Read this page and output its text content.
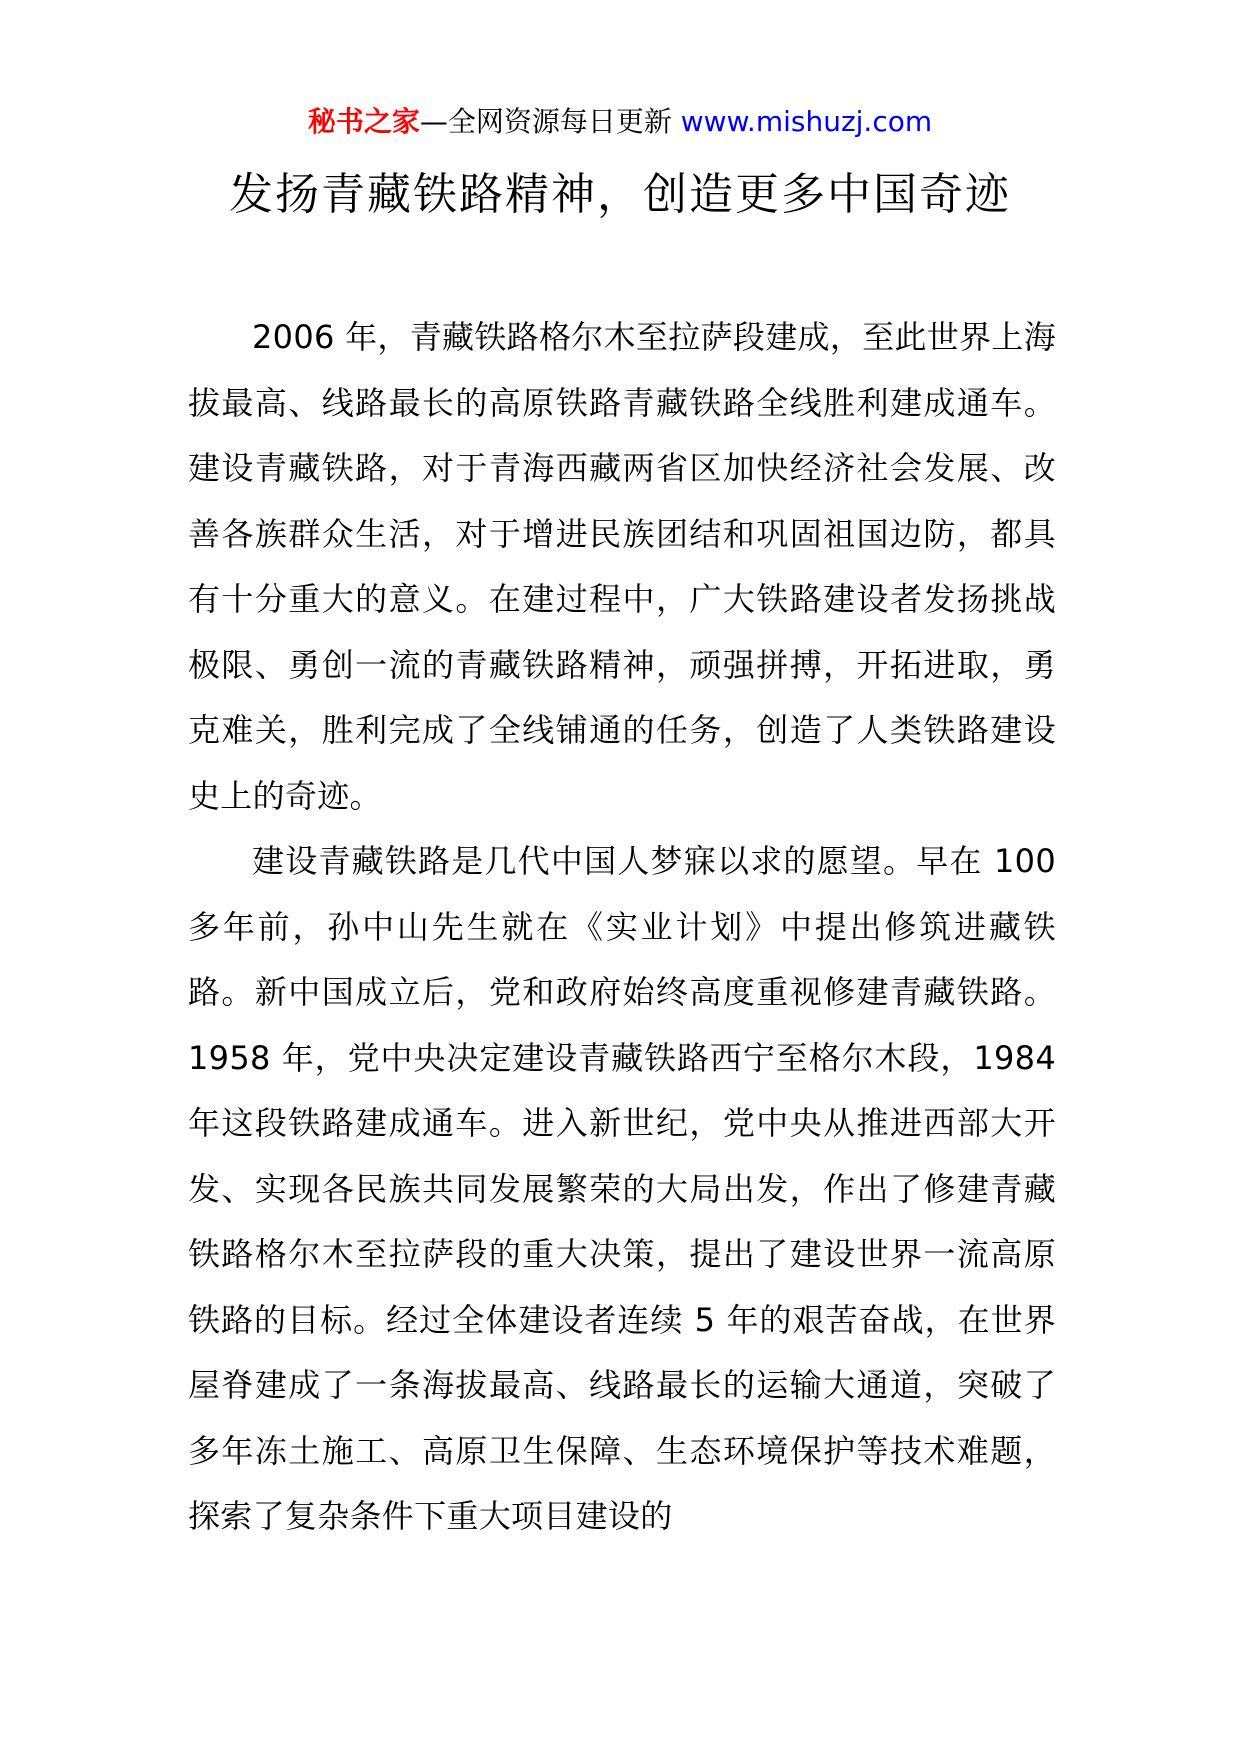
秘书之家—全网资源每日更新 www.mishuzj.com
发扬青藏铁路精神，创造更多中国奇迹

2006 年，青藏铁路格尔木至拉萨段建成，至此世界上海拔最高、线路最长的高原铁路青藏铁路全线胜利建成通车。建设青藏铁路，对于青海西藏两省区加快经济社会发展、改善各族群众生活，对于增进民族团结和巩固祖国边防，都具有十分重大的意义。在建过程中，广大铁路建设者发扬挑战极限、勇创一流的青藏铁路精神，顽强拼搏，开拓进取，勇克难关，胜利完成了全线铺通的任务，创造了人类铁路建设史上的奇迹。

建设青藏铁路是几代中国人梦寐以求的愿望。早在 100 多年前，孙中山先生就在《实业计划》中提出修筑进藏铁路。新中国成立后，党和政府始终高度重视修建青藏铁路。1958 年，党中央决定建设青藏铁路西宁至格尔木段，1984 年这段铁路建成通车。进入新世纪，党中央从推进西部大开发、实现各民族共同发展繁荣的大局出发，作出了修建青藏铁路格尔木至拉萨段的重大决策，提出了建设世界一流高原铁路的目标。经过全体建设者连续 5 年的艰苦奋战，在世界屋脊建成了一条海拔最高、线路最长的运输大通道，突破了多年冻土施工、高原卫生保障、生态环境保护等技术难题，探索了复杂条件下重大项目建设的
